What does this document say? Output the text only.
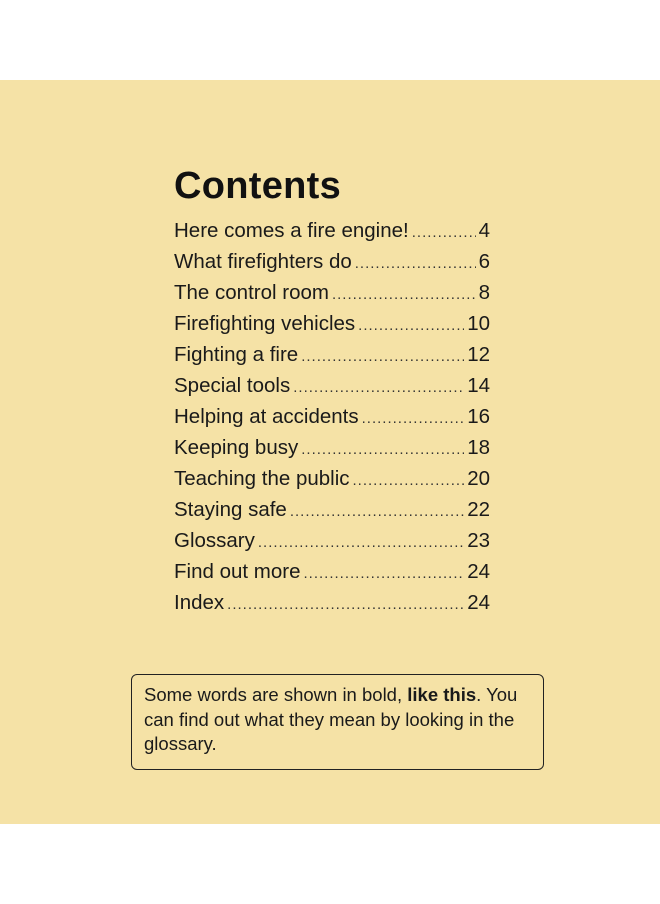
Contents
Here comes a fire engine! .....	4
What firefighters do .....	6
The control room .....	8
Firefighting vehicles .....	10
Fighting a fire .....	12
Special tools .....	14
Helping at accidents .....	16
Keeping busy .....	18
Teaching the public .....	20
Staying safe .....	22
Glossary .....	23
Find out more .....	24
Index .....	24
Some words are shown in bold, like this. You can find out what they mean by looking in the glossary.
